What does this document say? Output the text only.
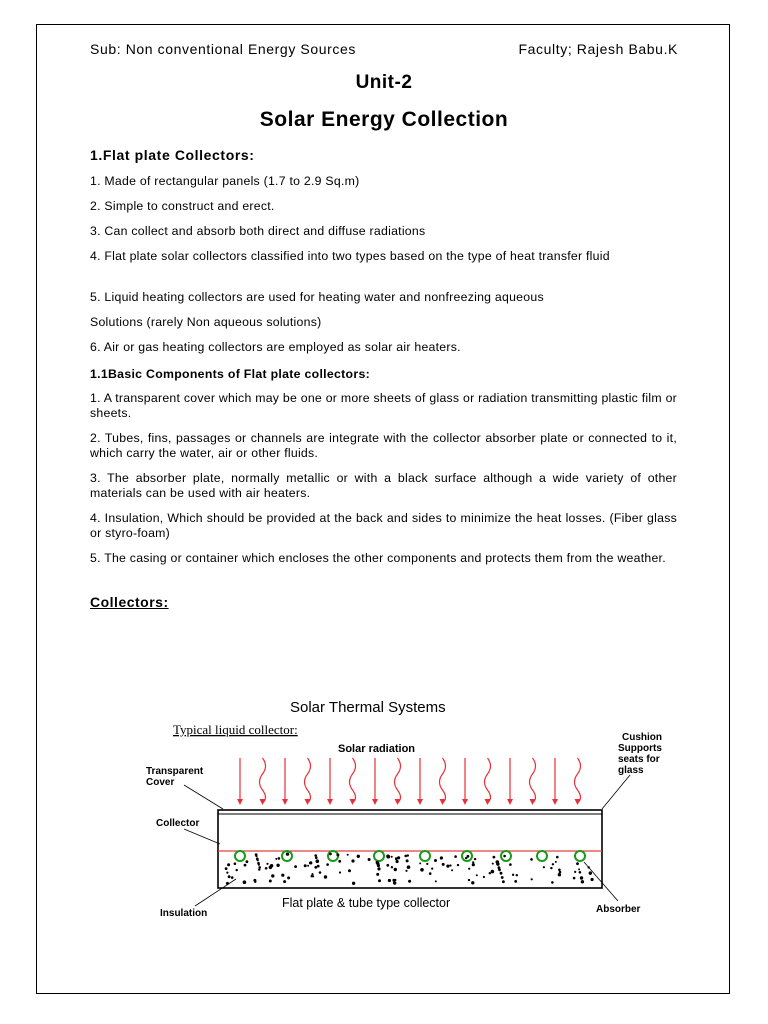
Sub: Non conventional Energy Sources	Faculty; Rajesh Babu.K
Unit-2
Solar Energy Collection
1.Flat plate Collectors:

1. Made of rectangular panels (1.7 to 2.9 Sq.m)

2. Simple to construct and erect.

3. Can collect and absorb both direct and diffuse radiations

4. Flat plate solar collectors classified into two types based on the type of heat transfer fluid

5. Liquid heating collectors are used for heating water and nonfreezing aqueous

Solutions (rarely Non aqueous solutions)

6. Air or gas heating collectors are employed as solar air heaters.

1.1Basic Components of Flat plate collectors:

1. A transparent cover which may be one or more sheets of glass or radiation transmitting plastic film or sheets.

2. Tubes, fins, passages or channels are integrate with the collector absorber plate or connected to it, which carry the water, air or other fluids.

3. The absorber plate, normally metallic or with a black surface although a wide variety of other materials can be used with air heaters.

4. Insulation, Which should be provided at the back and sides to minimize the heat losses. (Fiber glass or styro-foam)

5. The casing or container which encloses the other components and protects them from the weather.

Collectors:
Solar Thermal Systems
Typical liquid collector:
Solar radiation
Transparent
Cover
Cushion
Supports
seats for
glass
Collector
Insulation
Flat plate & tube type collector	Absorber
